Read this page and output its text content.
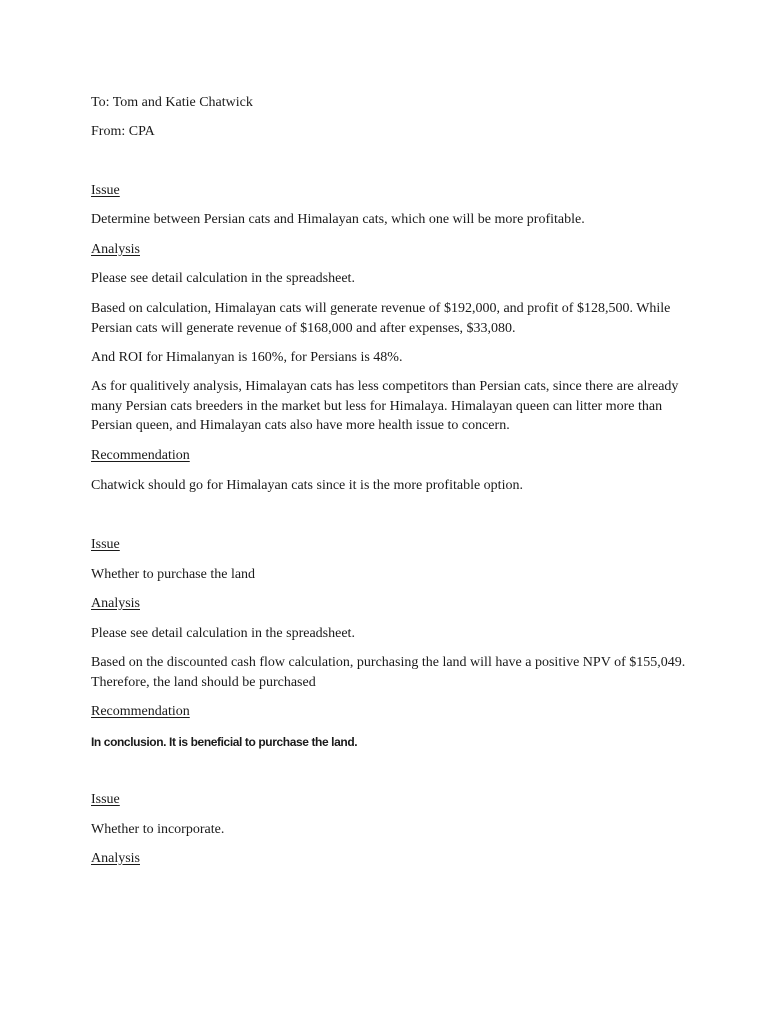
To: Tom and Katie Chatwick

From: CPA

Issue

Determine between Persian cats and Himalayan cats, which one will be more profitable.

Analysis

Please see detail calculation in the spreadsheet.

Based on calculation, Himalayan cats will generate revenue of $192,000, and profit of $128,500. While Persian cats will generate revenue of $168,000 and after expenses, $33,080.

And ROI for Himalanyan is 160%, for Persians is 48%.

As for qualitively analysis, Himalayan cats has less competitors than Persian cats, since there are already many Persian cats breeders in the market but less for Himalaya. Himalayan queen can litter more than Persian queen, and Himalayan cats also have more health issue to concern.

Recommendation

Chatwick should go for Himalayan cats since it is the more profitable option.

Issue

Whether to purchase the land

Analysis

Please see detail calculation in the spreadsheet.

Based on the discounted cash flow calculation, purchasing the land will have a positive NPV of $155,049. Therefore, the land should be purchased

Recommendation

In conclusion. It is beneficial to purchase the land.

Issue

Whether to incorporate.

Analysis
